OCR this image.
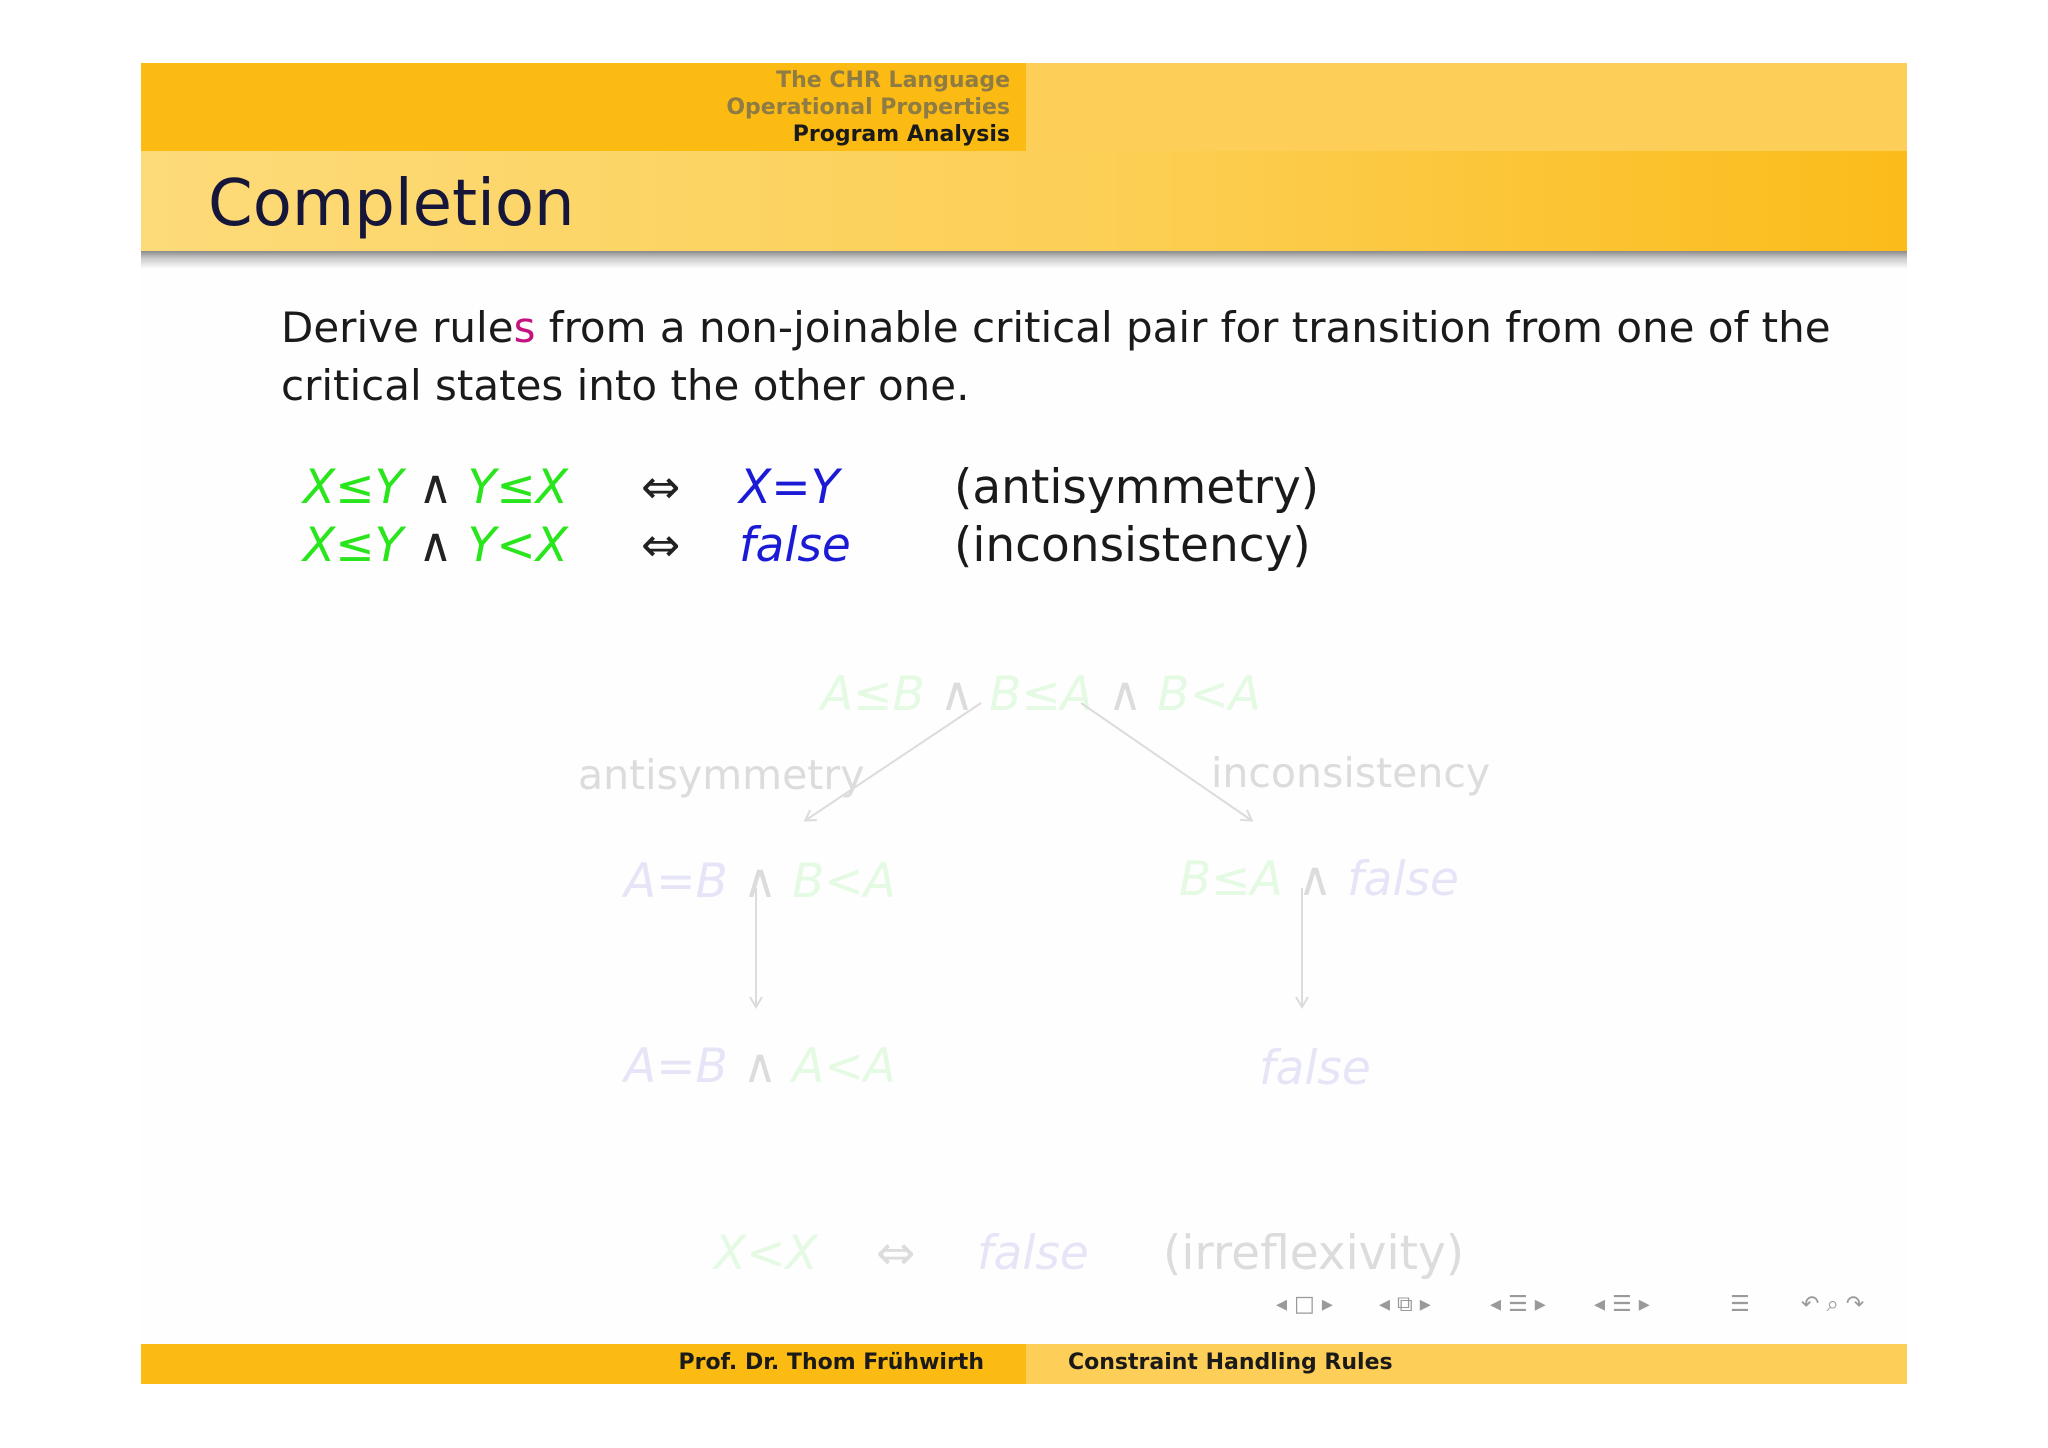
The CHR Language
Operational Properties
Program Analysis
Completion
Derive rules from a non-joinable critical pair for transition from one of the critical states into the other one.
X≤Y ∧ Y≤X ⇔ X=Y (antisymmetry)
X≤Y ∧ Y<X ⇔ false (inconsistency)
A≤B ∧ B≤A ∧ B<A
antisymmetry	inconsistency
A=B ∧ B<A	B≤A ∧ false
A=B ∧ A<A	false
X<X ⇔ false (irreflexivity)
◂ □ ▸ ◂ ⧉ ▸	◂ ☰ ▸ ◂ ☰ ▸	☰ ↶ ⌕ ↷
Prof. Dr. Thom Frühwirth	Constraint Handling Rules
